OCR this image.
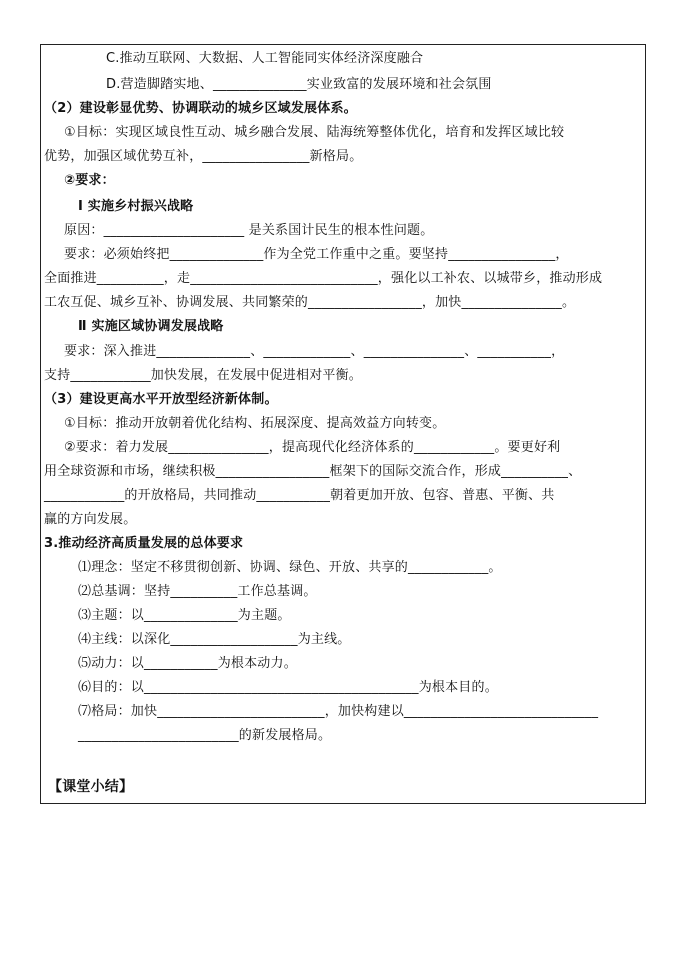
C.推动互联网、大数据、人工智能同实体经济深度融合
D.营造脚踏实地、______________实业致富的发展环境和社会氛围
（2）建设彰显优势、协调联动的城乡区域发展体系。
①目标：实现区域良性互动、城乡融合发展、陆海统筹整体优化，培育和发挥区域比较
优势，加强区域优势互补，________________新格局。
②要求：
Ⅰ 实施乡村振兴战略
原因：_____________________ 是关系国计民生的根本性问题。
要求：必须始终把______________作为全党工作重中之重。要坚持________________，
全面推进__________，走____________________________，强化以工补农、以城带乡，推动形成
工农互促、城乡互补、协调发展、共同繁荣的_________________，加快_______________。
Ⅱ 实施区域协调发展战略
要求：深入推进______________、_____________、_______________、___________，
支持____________加快发展，在发展中促进相对平衡。
（3）建设更高水平开放型经济新体制。
①目标：推动开放朝着优化结构、拓展深度、提高效益方向转变。
②要求：着力发展_______________，提高现代化经济体系的____________。要更好利
用全球资源和市场，继续积极_________________框架下的国际交流合作，形成__________、
____________的开放格局，共同推动___________朝着更加开放、包容、普惠、平衡、共
赢的方向发展。
3.推动经济高质量发展的总体要求
⑴理念：坚定不移贯彻创新、协调、绿色、开放、共享的____________。
⑵总基调：坚持__________工作总基调。
⑶主题：以______________为主题。
⑷主线：以深化___________________为主线。
⑸动力：以___________为根本动力。
⑹目的：以_________________________________________为根本目的。
⑺格局：加快_________________________，加快构建以_____________________________
________________________的新发展格局。
【课堂小结】
